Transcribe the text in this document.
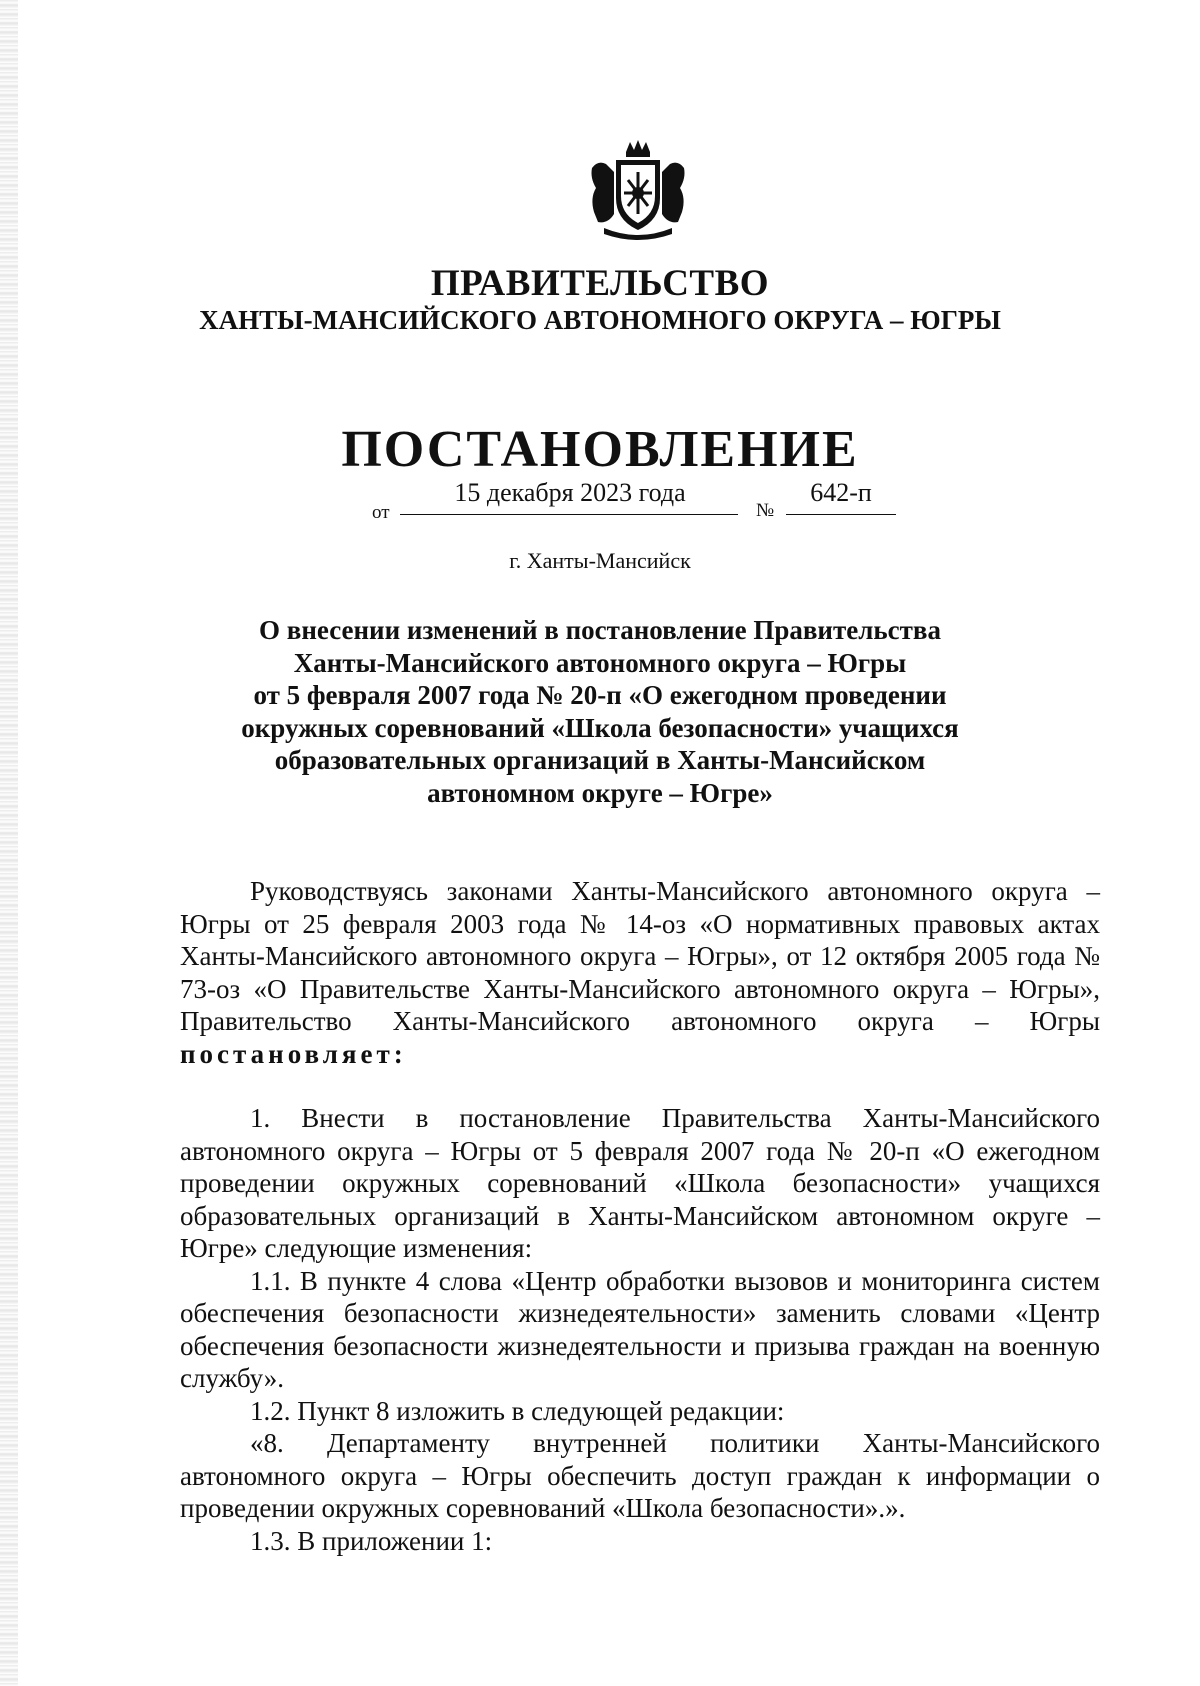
ПРАВИТЕЛЬСТВО
ХАНТЫ-МАНСИЙСКОГО АВТОНОМНОГО ОКРУГА – ЮГРЫ
ПОСТАНОВЛЕНИЕ
от
15 декабря 2023 года
№
642-п
г. Ханты-Мансийск
О внесении изменений в постановление Правительства
Ханты-Мансийского автономного округа – Югры
от 5 февраля 2007 года № 20-п «О ежегодном проведении
окружных соревнований «Школа безопасности» учащихся
образовательных организаций в Ханты-Мансийском
автономном округе – Югре»

Руководствуясь законами Ханты-Мансийского автономного округа – Югры от 25 февраля 2003 года № 14-оз «О нормативных правовых актах Ханты-Мансийского автономного округа – Югры», от 12 октября 2005 года № 73-оз «О Правительстве Ханты-Мансийского автономного округа – Югры», Правительство Ханты-Мансийского автономного округа – Югры постановляет:

1. Внести в постановление Правительства Ханты-Мансийского автономного округа – Югры от 5 февраля 2007 года № 20-п «О ежегодном проведении окружных соревнований «Школа безопасности» учащихся образовательных организаций в Ханты-Мансийском автономном округе – Югре» следующие изменения:

1.1. В пункте 4 слова «Центр обработки вызовов и мониторинга систем обеспечения безопасности жизнедеятельности» заменить словами «Центр обеспечения безопасности жизнедеятельности и призыва граждан на военную службу».

1.2. Пункт 8 изложить в следующей редакции:

«8. Департаменту внутренней политики Ханты-Мансийского автономного округа – Югры обеспечить доступ граждан к информации о проведении окружных соревнований «Школа безопасности».».

1.3. В приложении 1:
